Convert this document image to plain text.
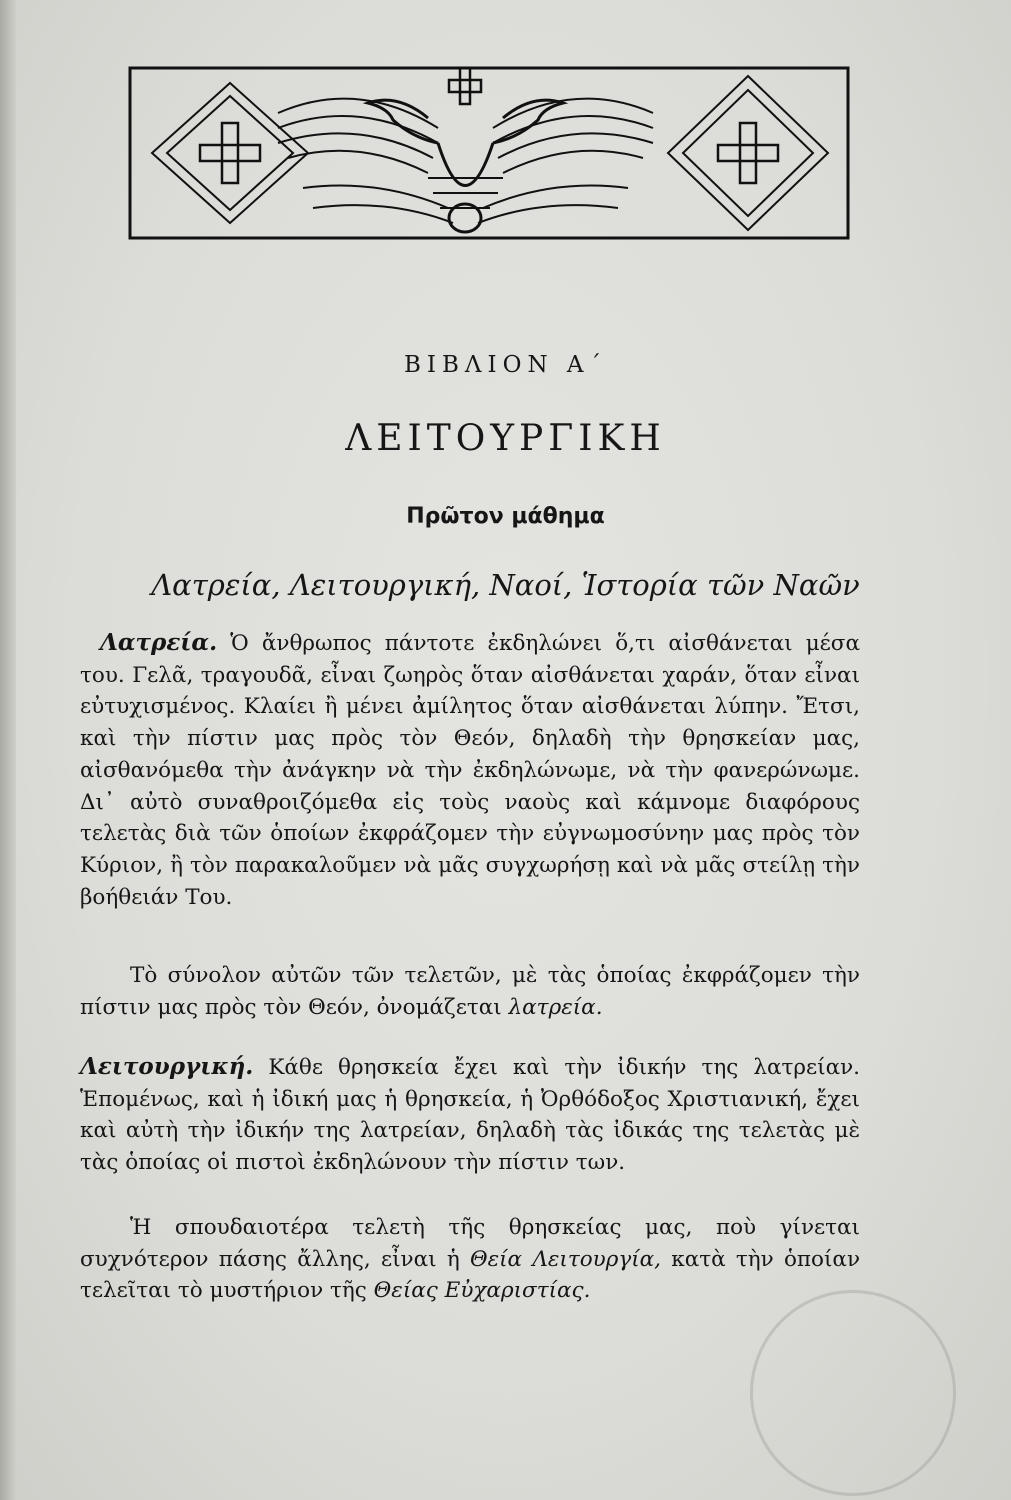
ΒΙΒΛΙΟΝ Α΄
ΛΕΙΤΟΥΡΓΙΚΗ
Πρῶτον μάθημα
Λατρεία, Λειτουργική, Ναοί, Ἱστορία τῶν Ναῶν
Λατρεία. Ὁ ἄνθρωπος πάντοτε ἐκδηλώνει ὅ,τι αἰσθάνεται μέσα του. Γελᾶ, τραγουδᾶ, εἶναι ζωηρὸς ὅταν αἰσθάνεται χαράν, ὅταν εἶναι εὐτυχισμένος. Κλαίει ἢ μένει ἀμίλητος ὅταν αἰσθάνεται λύπην. Ἔτσι, καὶ τὴν πίστιν μας πρὸς τὸν Θεόν, δηλαδὴ τὴν θρησκείαν μας, αἰσθανόμεθα τὴν ἀνάγκην νὰ τὴν ἐκδηλώνωμε, νὰ τὴν φανερώνωμε. Δι᾽ αὐτὸ συναθροιζόμεθα εἰς τοὺς ναοὺς καὶ κάμνομε διαφόρους τελετὰς διὰ τῶν ὁποίων ἐκφράζομεν τὴν εὐγνωμοσύνην μας πρὸς τὸν Κύριον, ἢ τὸν παρακαλοῦμεν νὰ μᾶς συγχωρήσῃ καὶ νὰ μᾶς στείλῃ τὴν βοήθειάν Του.
Τὸ σύνολον αὐτῶν τῶν τελετῶν, μὲ τὰς ὁποίας ἐκφράζομεν τὴν πίστιν μας πρὸς τὸν Θεόν, ὀνομάζεται λατρεία.
Λειτουργική. Κάθε θρησκεία ἔχει καὶ τὴν ἰδικήν της λατρείαν. Ἑπομένως, καὶ ἡ ἰδική μας ἡ θρησκεία, ἡ Ὀρθόδοξος Χριστιανική, ἔχει καὶ αὐτὴ τὴν ἰδικήν της λατρείαν, δηλαδὴ τὰς ἰδικάς της τελετὰς μὲ τὰς ὁποίας οἱ πιστοὶ ἐκδηλώνουν τὴν πίστιν των.
Ἡ σπουδαιοτέρα τελετὴ τῆς θρησκείας μας, ποὺ γίνεται συχνότερον πάσης ἄλλης, εἶναι ἡ Θεία Λειτουργία, κατὰ τὴν ὁποίαν τελεῖται τὸ μυστήριον τῆς Θείας Εὐχαριστίας.
